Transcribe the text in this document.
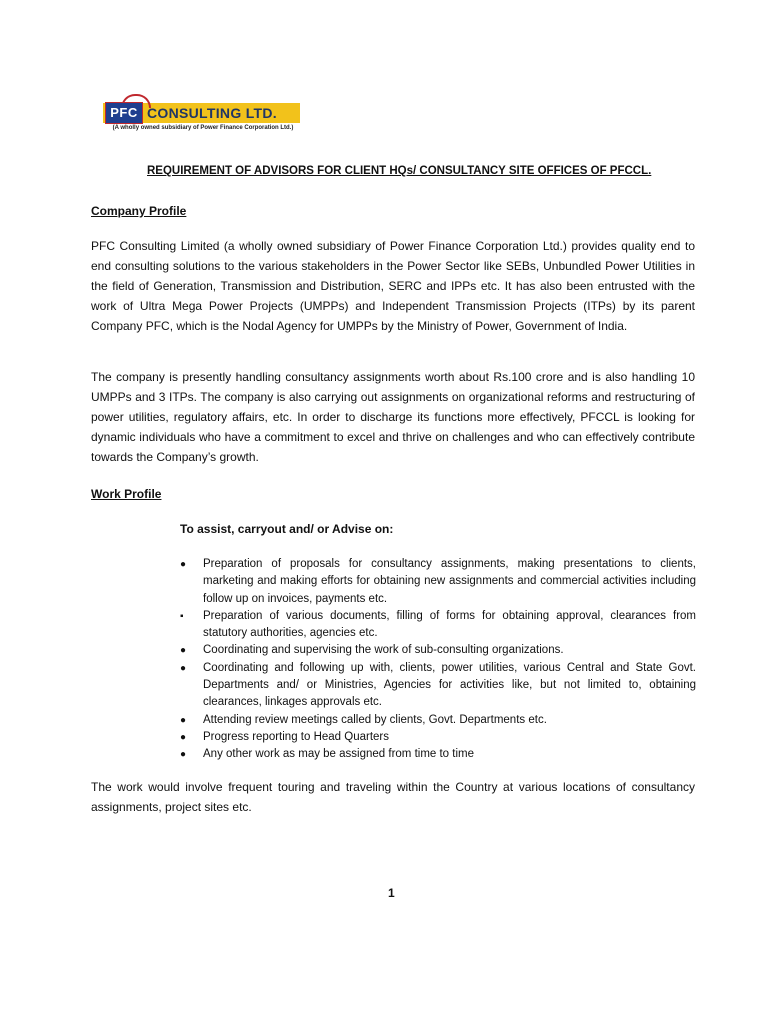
PFC CONSULTING LTD.
(A wholly owned subsidiary of Power Finance Corporation Ltd.)
REQUIREMENT OF ADVISORS FOR CLIENT HQs/ CONSULTANCY SITE OFFICES OF PFCCL.
Company Profile
PFC Consulting Limited (a wholly owned subsidiary of Power Finance Corporation Ltd.) provides quality end to end consulting solutions to the various stakeholders in the Power Sector like SEBs, Unbundled Power Utilities in the field of Generation, Transmission and Distribution, SERC and IPPs etc. It has also been entrusted with the work of Ultra Mega Power Projects (UMPPs) and Independent Transmission Projects (ITPs) by its parent Company PFC, which is the Nodal Agency for UMPPs by the Ministry of Power, Government of India.
The company is presently handling consultancy assignments worth about Rs.100 crore and is also handling 10 UMPPs and 3 ITPs. The company is also carrying out assignments on organizational reforms and restructuring of power utilities, regulatory affairs, etc. In order to discharge its functions more effectively, PFCCL is looking for dynamic individuals who have a commitment to excel and thrive on challenges and who can effectively contribute towards the Company’s growth.
Work Profile
To assist, carryout and/ or Advise on:
● Preparation of proposals for consultancy assignments, making presentations to clients, marketing and making efforts for obtaining new assignments and commercial activities including follow up on invoices, payments etc.
▪ Preparation of various documents, filling of forms for obtaining approval, clearances from statutory authorities, agencies etc.
● Coordinating and supervising the work of sub-consulting organizations.
● Coordinating and following up with, clients, power utilities, various Central and State Govt. Departments and/ or Ministries, Agencies for activities like, but not limited to, obtaining clearances, linkages approvals etc.
● Attending review meetings called by clients, Govt. Departments etc.
● Progress reporting to Head Quarters
● Any other work as may be assigned from time to time
The work would involve frequent touring and traveling within the Country at various locations of consultancy assignments, project sites etc.
1
